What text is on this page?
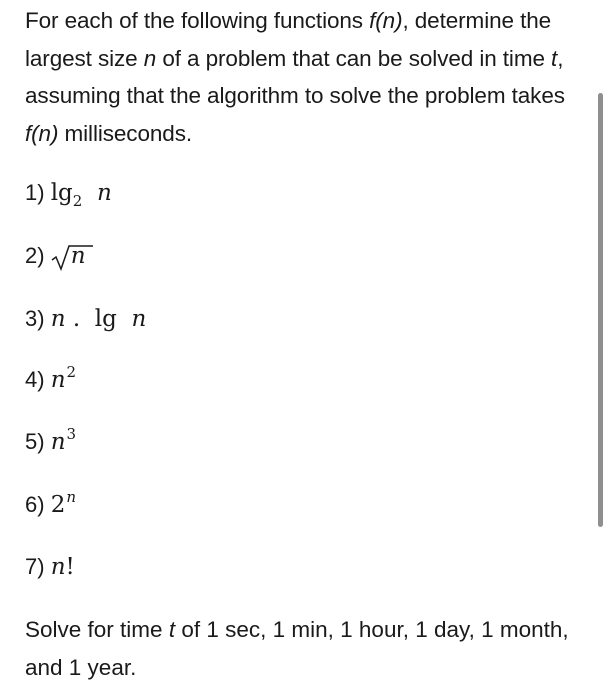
For each of the following functions f(n), determine the largest size n of a problem that can be solved in time t, assuming that the algorithm to solve the problem takes f(n) milliseconds.
1) $\lg_2 n$
2) n
3) n . lg n
4) $n^2$
5) $n^3$
6) 2$^n$
7) n!
Solve for time t of 1 sec, 1 min, 1 hour, 1 day, 1 month, and 1 year.
